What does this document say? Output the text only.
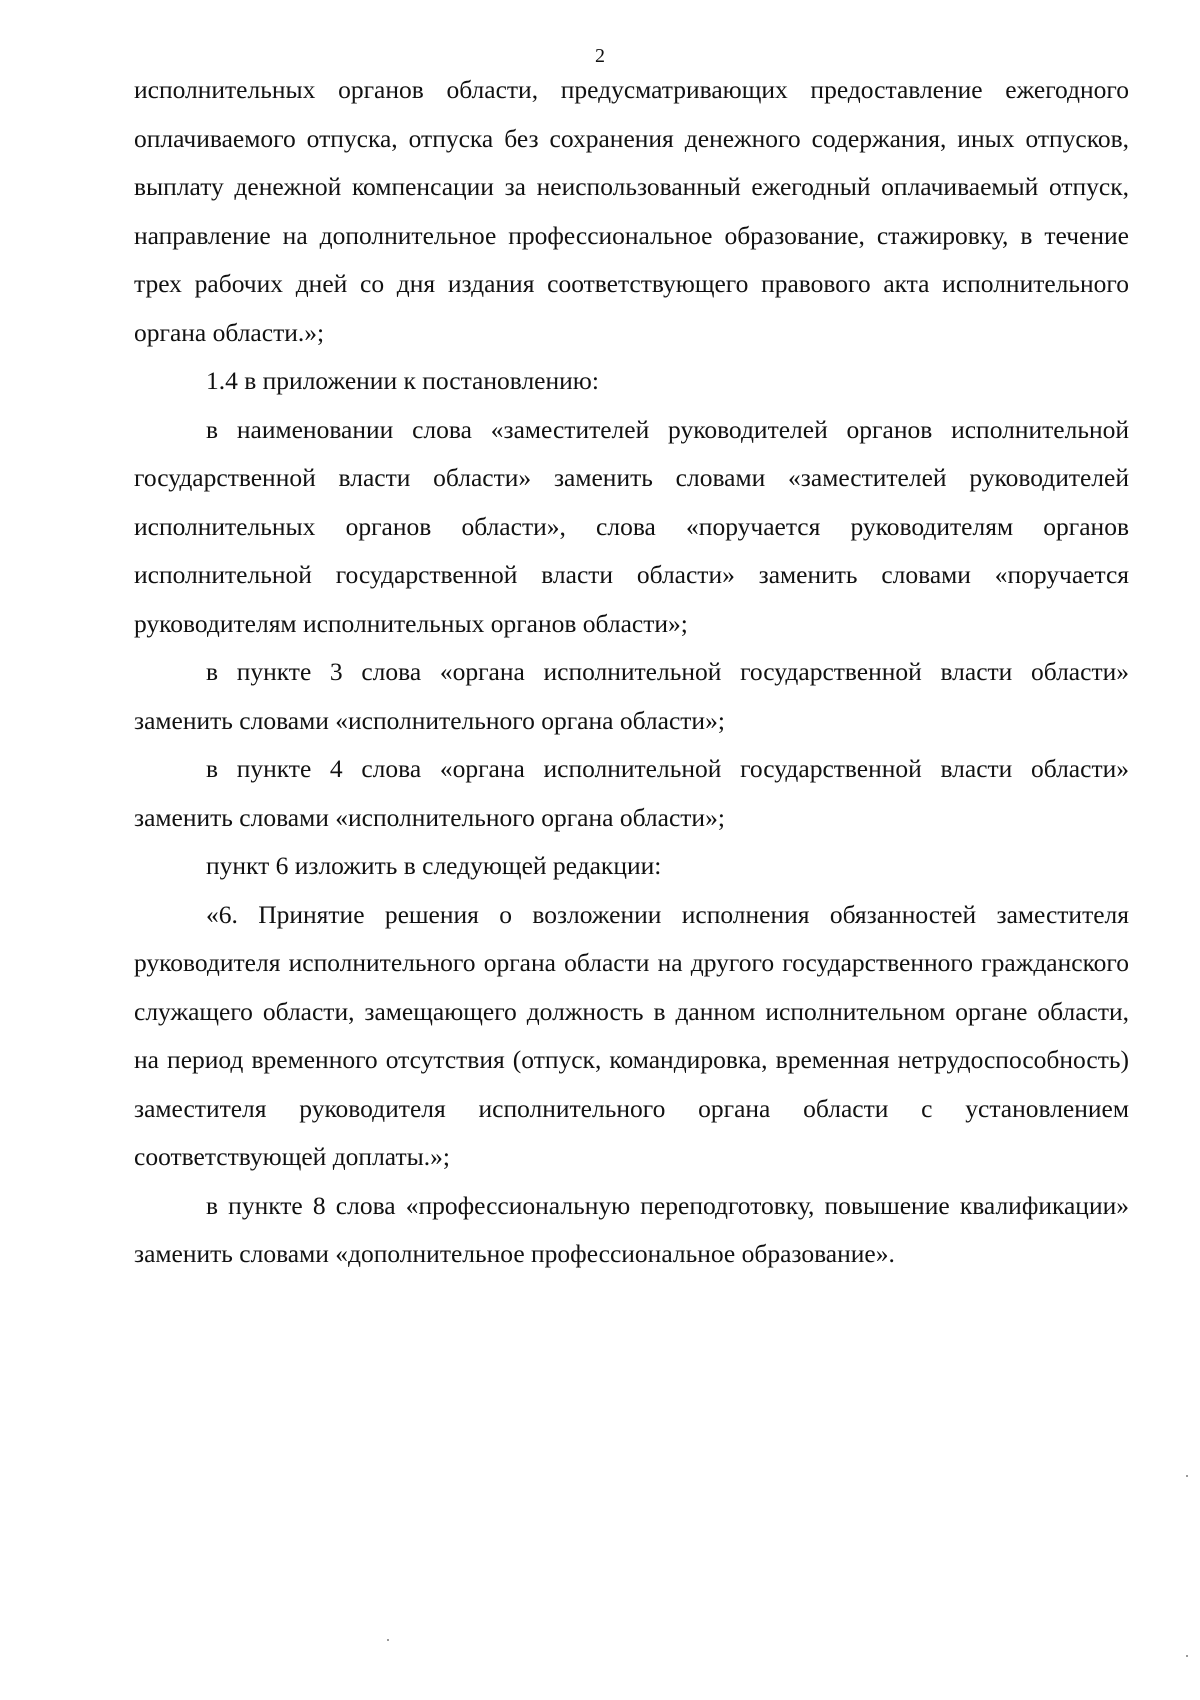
2

исполнительных органов области, предусматривающих предоставление ежегодного оплачиваемого отпуска, отпуска без сохранения денежного содержания, иных отпусков, выплату денежной компенсации за неиспользованный ежегодный оплачиваемый отпуск, направление на дополнительное профессиональное образование, стажировку, в течение трех рабочих дней со дня издания соответствующего правового акта исполнительного органа области.»;

1.4 в приложении к постановлению:

в наименовании слова «заместителей руководителей органов исполнительной государственной власти области» заменить словами «заместителей руководителей исполнительных органов области», слова «поручается руководителям органов исполнительной государственной власти области» заменить словами «поручается руководителям исполнительных органов области»;

в пункте 3 слова «органа исполнительной государственной власти области» заменить словами «исполнительного органа области»;

в пункте 4 слова «органа исполнительной государственной власти области» заменить словами «исполнительного органа области»;

пункт 6 изложить в следующей редакции:

«6. Принятие решения о возложении исполнения обязанностей заместителя руководителя исполнительного органа области на другого государственного гражданского служащего области, замещающего должность в данном исполнительном органе области, на период временного отсутствия (отпуск, командировка, временная нетрудоспособность) заместителя руководителя исполнительного органа области с установлением соответствующей доплаты.»;

в пункте 8 слова «профессиональную переподготовку, повышение квалификации» заменить словами «дополнительное профессиональное образование».
